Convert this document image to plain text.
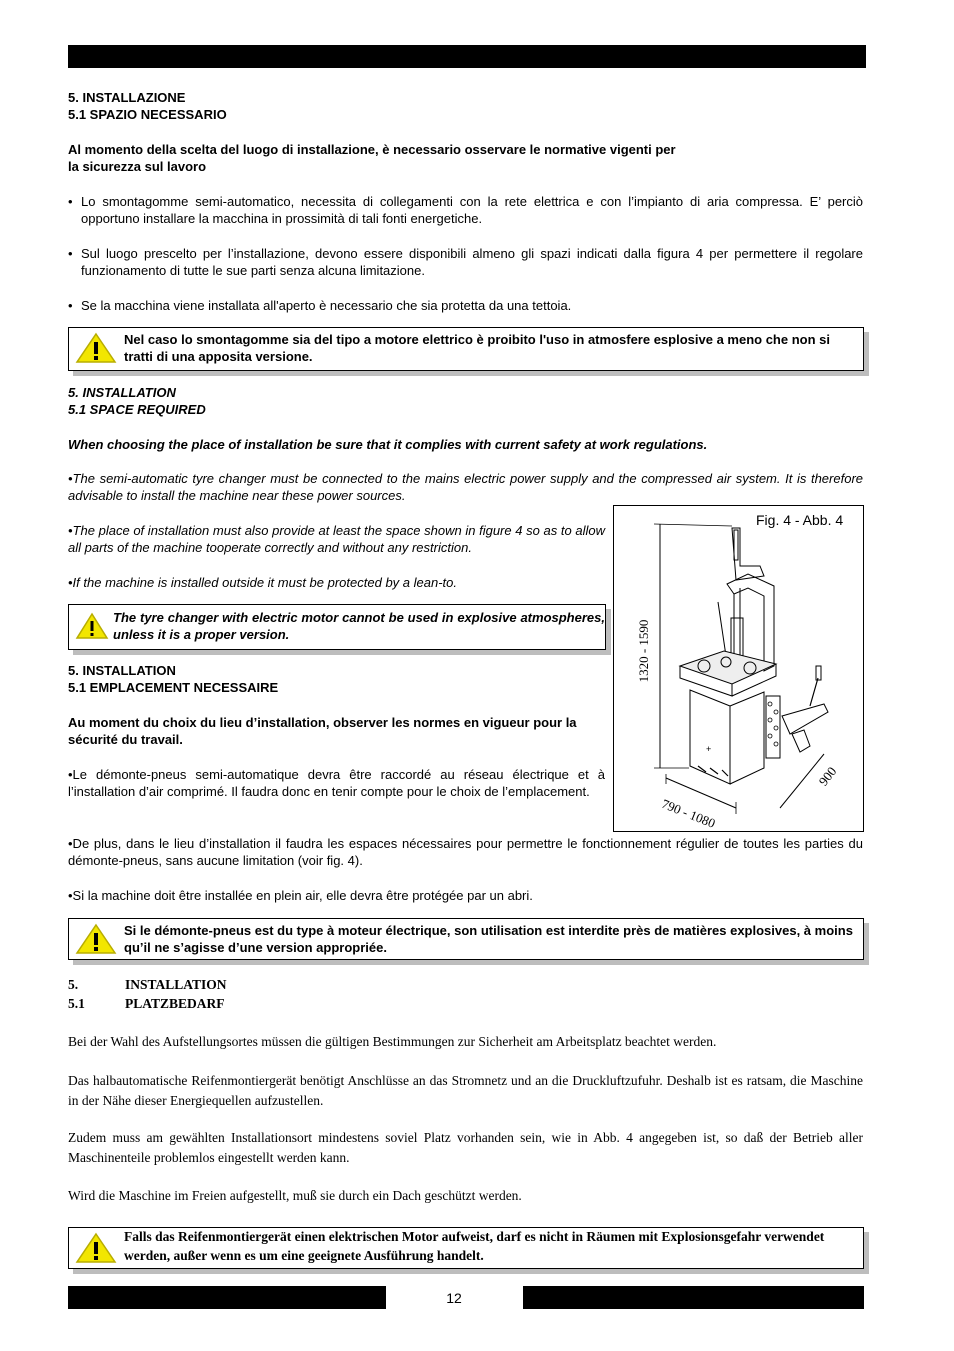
5. INSTALLAZIONE
5.1 SPAZIO NECESSARIO
Al momento della scelta del luogo di installazione, è necessario osservare le normative vigenti per
la sicurezza sul lavoro
• Lo smontagomme semi-automatico, necessita di collegamenti con la rete elettrica e con l’impianto di aria compressa. E’ perciò opportuno installare la macchina in prossimità di tali fonti energetiche.
• Sul luogo prescelto per l’installazione, devono essere disponibili almeno gli spazi indicati dalla figura 4 per permettere il regolare funzionamento di tutte le sue parti senza alcuna limitazione.
• Se la macchina viene installata all'aperto è necessario che sia protetta da una tettoia.
Nel caso lo smontagomme sia del tipo a motore elettrico è proibito l'uso in atmosfere esplosive a meno che non si tratti di una apposita versione.
5. INSTALLATION
5.1 SPACE REQUIRED
When choosing the place of installation be sure that it complies with current safety at work regulations.
•The semi-automatic tyre changer must be connected to the mains electric power supply and the compressed air system. It is therefore advisable to install the machine near these power sources.
•The place of installation must also provide at least the space shown in figure 4 so as to allow all parts of the machine tooperate correctly and without any restriction.
•If the machine is installed outside it must be protected by a lean-to.
The tyre changer with electric motor cannot be used in explosive atmospheres, unless it is a proper version.
Fig. 4 - Abb. 4
+
1320 - 1590
790 - 1080
900
5. INSTALLATION
5.1 EMPLACEMENT NECESSAIRE
Au moment du choix du lieu d’installation, observer les normes en vigueur pour la sécurité du travail.
•Le démonte-pneus semi-automatique devra être raccordé au réseau électrique et à l’installation d’air comprimé. Il faudra donc en tenir compte pour le choix de l’emplacement.
•De plus, dans le lieu d’installation il faudra les espaces nécessaires pour permettre le fonctionnement régulier de toutes les parties du démonte-pneus, sans aucune limitation (voir fig. 4).
•Si la machine doit être installée en plein air, elle devra être protégée par un abri.
Si le démonte-pneus est du type à moteur électrique, son utilisation est interdite près de matières explosives, à moins qu’il ne s’agisse d’une version appropriée.
5.	INSTALLATION
5.1	PLATZBEDARF
Bei der Wahl des Aufstellungsortes müssen die gültigen Bestimmungen zur Sicherheit am Arbeitsplatz beachtet werden.
Das halbautomatische Reifenmontiergerät benötigt Anschlüsse an das Stromnetz und an die Druckluftzufuhr. Deshalb ist es ratsam, die Maschine in der Nähe dieser Energiequellen aufzustellen.
Zudem muss am gewählten Installationsort mindestens soviel Platz vorhanden sein, wie in Abb. 4 angegeben ist, so daß der Betrieb aller Maschinenteile problemlos eingestellt werden kann.
Wird die Maschine im Freien aufgestellt, muß sie durch ein Dach geschützt werden.
Falls das Reifenmontiergerät einen elektrischen Motor aufweist, darf es nicht in Räumen mit Explosionsgefahr verwendet werden, außer wenn es um eine geeignete Ausführung handelt.
12
